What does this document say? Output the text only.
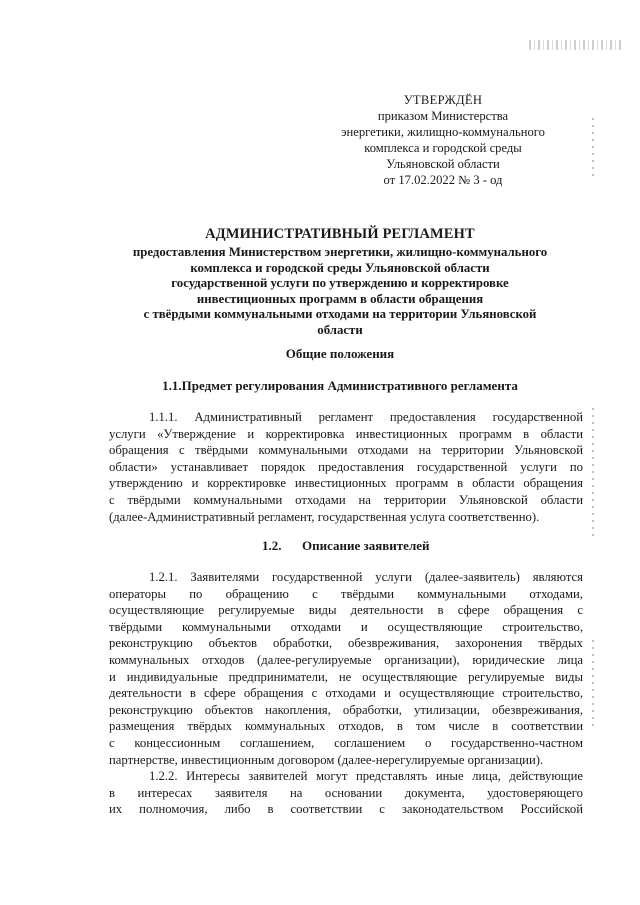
УТВЕРЖДЁН
приказом Министерства
энергетики, жилищно-коммунального
комплекса и городской среды
Ульяновской области
от 17.02.2022 № 3 - од
АДМИНИСТРАТИВНЫЙ РЕГЛАМЕНТ
предоставления Министерством энергетики, жилищно-коммунального
комплекса и городской среды Ульяновской области
государственной услуги по утверждению и корректировке
инвестиционных программ в области обращения
с твёрдыми коммунальными отходами на территории Ульяновской
области
Общие положения
1.1.Предмет регулирования Административного регламента
1.1.1. Административный регламент предоставления государственной
услуги «Утверждение и корректировка инвестиционных программ в области
обращения с твёрдыми коммунальными отходами на территории Ульяновской
области» устанавливает порядок предоставления государственной услуги по
утверждению и корректировке инвестиционных программ в области обращения
с твёрдыми коммунальными отходами на территории Ульяновской области
(далее-Административный регламент, государственная услуга соответственно).
1.2. Описание заявителей
1.2.1. Заявителями государственной услуги (далее-заявитель) являются
операторы по обращению с твёрдыми коммунальными отходами,
осуществляющие регулируемые виды деятельности в сфере обращения с
твёрдыми коммунальными отходами и осуществляющие строительство,
реконструкцию объектов обработки, обезвреживания, захоронения твёрдых
коммунальных отходов (далее-регулируемые организации), юридические лица
и индивидуальные предприниматели, не осуществляющие регулируемые виды
деятельности в сфере обращения с отходами и осуществляющие строительство,
реконструкцию объектов накопления, обработки, утилизации, обезвреживания,
размещения твёрдых коммунальных отходов, в том числе в соответствии
с концессионным соглашением, соглашением о государственно-частном
партнерстве, инвестиционным договором (далее-нерегулируемые организации).
1.2.2. Интересы заявителей могут представлять иные лица, действующие
в интересах заявителя на основании документа, удостоверяющего
их полномочия, либо в соответствии с законодательством Российской
